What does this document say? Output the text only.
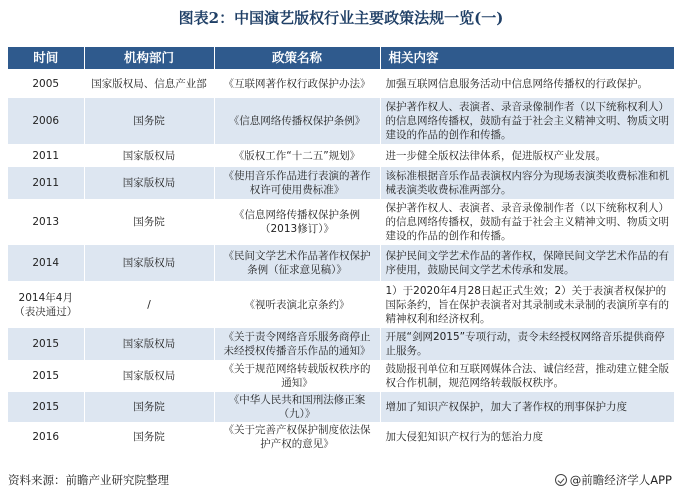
图表2：中国演艺版权行业主要政策法规一览(一)
时间	机构部门	政策名称	相关内容
2005	国家版权局、信息产业部	《互联网著作权行政保护办法》	加强互联网信息服务活动中信息网络传播权的行政保护。
2006	国务院	《信息网络传播权保护条例》	保护著作权人、表演者、录音录像制作者（以下统称权利人）的信息网络传播权，鼓励有益于社会主义精神文明、物质文明建设的作品的创作和传播。
2011	国家版权局	《版权工作“十二五”规划》	进一步健全版权法律体系，促进版权产业发展。
2011	国家版权局	《使用音乐作品进行表演的著作权许可使用费标准》	该标准根据音乐作品表演权内容分为现场表演类收费标准和机械表演类收费标准两部分。
2013	国务院	《信息网络传播权保护条例（2013修订）》	保护著作权人、表演者、录音录像制作者（以下统称权利人）的信息网络传播权，鼓励有益于社会主义精神文明、物质文明建设的作品的创作和传播。
2014	国家版权局	《民间文学艺术作品著作权保护条例（征求意见稿）》	保护民间文学艺术作品的著作权，保障民间文学艺术作品的有序使用，鼓励民间文学艺术传承和发展。
2014年4月（表决通过）	/	《视听表演北京条约》	1）于2020年4月28日起正式生效；2）关于表演者权保护的国际条约，旨在保护表演者对其录制或未录制的表演所享有的精神权利和经济权利。
2015	国家版权局	《关于责令网络音乐服务商停止未经授权传播音乐作品的通知》	开展“剑网2015”专项行动，责令未经授权网络音乐提供商停止服务。
2015	国家版权局	《关于规范网络转载版权秩序的通知》	鼓励报刊单位和互联网媒体合法、诚信经营，推动建立健全版权合作机制，规范网络转载版权秩序。
2015	国务院	《中华人民共和国刑法修正案（九）》	增加了知识产权保护，加大了著作权的刑事保护力度
2016	国务院	《关于完善产权保护制度依法保护产权的意见》	加大侵犯知识产权行为的惩治力度
资料来源：前瞻产业研究院整理	@前瞻经济学人APP
